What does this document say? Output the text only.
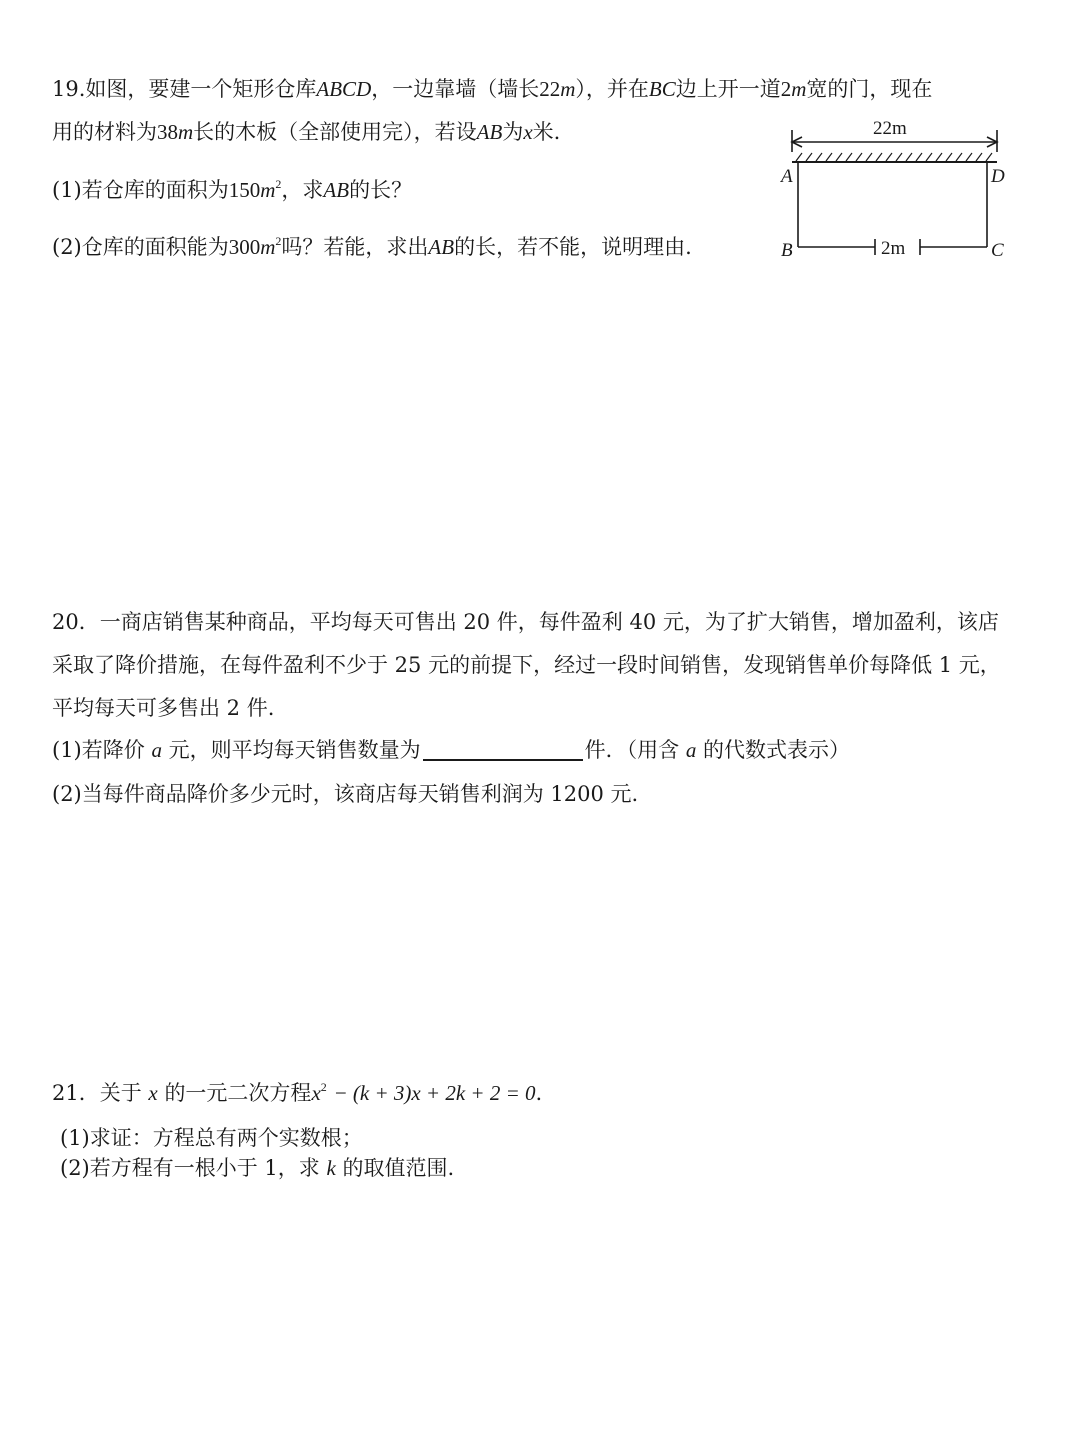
19.如图，要建一个矩形仓库ABCD，一边靠墙（墙长22m），并在BC边上开一道2m宽的门，现在
用的材料为38m长的木板（全部使用完），若设AB为x米.
(1)若仓库的面积为$150m^2$，求AB的长？
(2)仓库的面积能为$300m^2$吗？若能，求出AB的长，若不能，说明理由.
22m
A	D
B	C
2m
20．一商店销售某种商品，平均每天可售出 20 件，每件盈利 40 元，为了扩大销售，增加盈利，该店
采取了降价措施，在每件盈利不少于 25 元的前提下，经过一段时间销售，发现销售单价每降低 1 元，
平均每天可多售出 2 件.
(1)若降价 a 元，则平均每天销售数量为	件．（用含 a 的代数式表示）
(2)当每件商品降价多少元时，该商店每天销售利润为 1200 元.
21．关于 x 的一元二次方程$x^2 - (k + 3)x + 2k + 2 = 0$.
(1)求证：方程总有两个实数根；
(2)若方程有一根小于 1，求 k 的取值范围.
